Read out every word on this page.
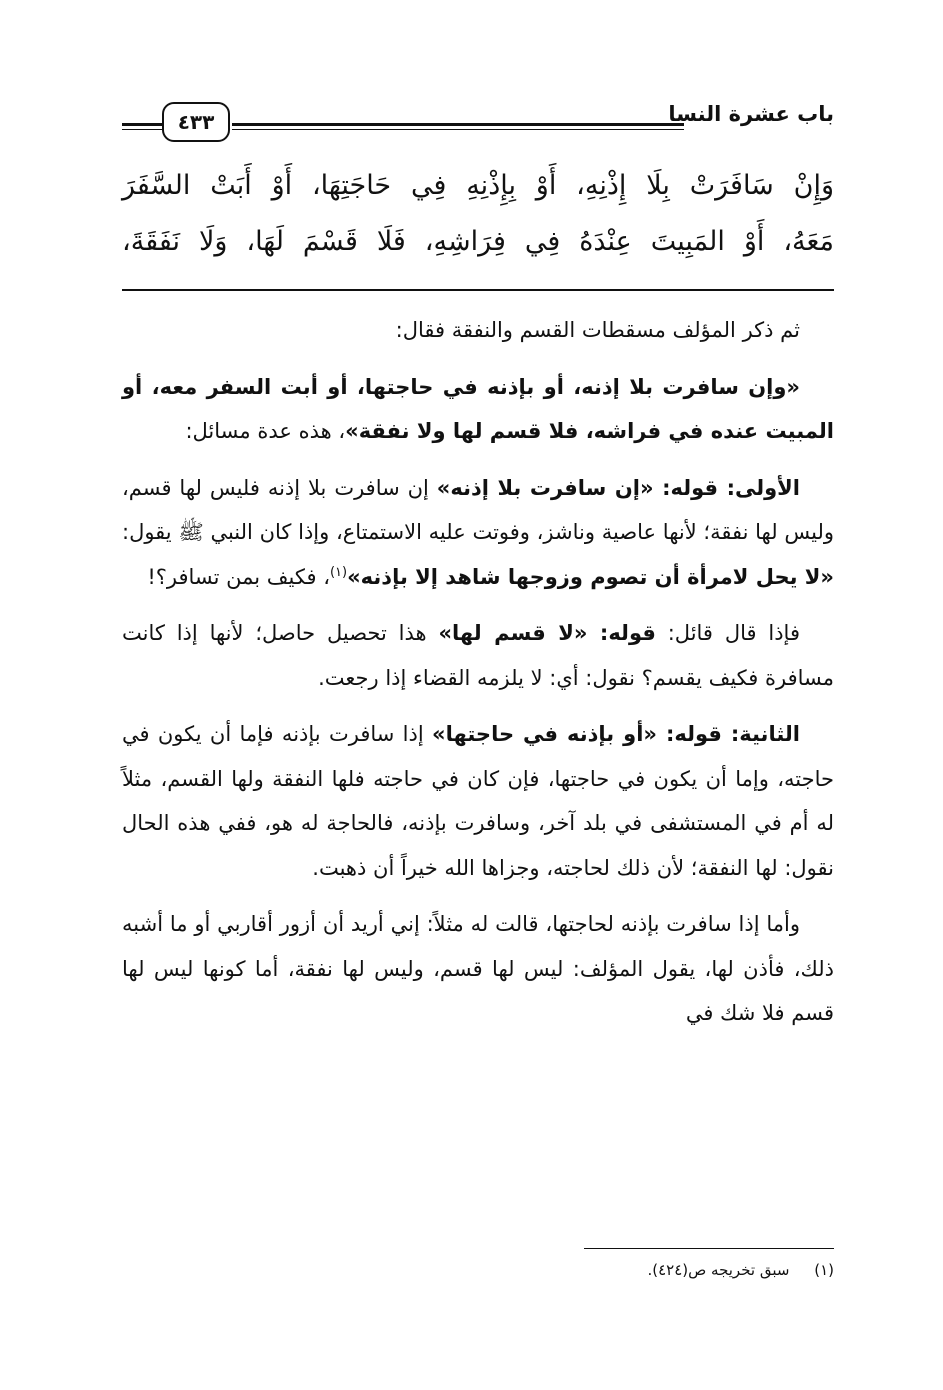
باب عشرة النسا
٤٣٣
وَإِنْ سَافَرَتْ بِلَا إِذْنِهِ، أَوْ بِإِذْنِهِ فِي حَاجَتِهَا، أَوْ أَبَتْ السَّفَرَ
مَعَهُ، أَوْ المَبِيتَ عِنْدَهُ فِي فِرَاشِهِ، فَلَا قَسْمَ لَهَا، وَلَا نَفَقَةَ،

ثم ذكر المؤلف مسقطات القسم والنفقة فقال:

«وإن سافرت بلا إذنه، أو بإذنه في حاجتها، أو أبت السفر معه، أو المبيت عنده في فراشه، فلا قسم لها ولا نفقة»، هذه عدة مسائل:

الأولى: قوله: «إن سافرت بلا إذنه» إن سافرت بلا إذنه فليس لها قسم، وليس لها نفقة؛ لأنها عاصية وناشز، وفوتت عليه الاستمتاع، وإذا كان النبي ﷺ يقول: «لا يحل لامرأة أن تصوم وزوجها شاهد إلا بإذنه»$^{(١)}$، فكيف بمن تسافر؟!

فإذا قال قائل: قوله: «لا قسم لها» هذا تحصيل حاصل؛ لأنها إذا كانت مسافرة فكيف يقسم؟ نقول: أي: لا يلزمه القضاء إذا رجعت.

الثانية: قوله: «أو بإذنه في حاجتها» إذا سافرت بإذنه فإما أن يكون في حاجته، وإما أن يكون في حاجتها، فإن كان في حاجته فلها النفقة ولها القسم، مثلاً له أم في المستشفى في بلد آخر، وسافرت بإذنه، فالحاجة له هو، ففي هذه الحال نقول: لها النفقة؛ لأن ذلك لحاجته، وجزاها الله خيراً أن ذهبت.

وأما إذا سافرت بإذنه لحاجتها، قالت له مثلاً: إني أريد أن أزور أقاربي أو ما أشبه ذلك، فأذن لها، يقول المؤلف: ليس لها قسم، وليس لها نفقة، أما كونها ليس لها قسم فلا شك في

(١) سبق تخريجه ص(٤٢٤).
